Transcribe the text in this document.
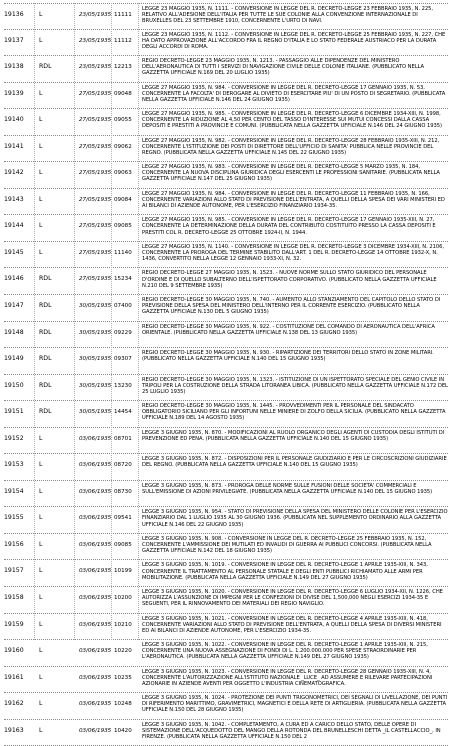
19136	L	23/05/1935 11111
LEGGE 23 MAGGIO 1935, N. 1111. - CONVERSIONE IN LEGGE DEL R. DECRETO-LEGGE 23 FEBBRAIO 1935, N. 225, RELATIVO ALL'ADESIONE DELL'ITALIA PER TUTTE LE SUE COLONIE ALLA CONVENZIONE INTERNAZIONALE DI BRUXELLES DEL 23 SETTEMBRE 1910, CONCERNENTE L'URTO DI NAVI.
19137	L	23/05/1935 11112
LEGGE 23 MAGGIO 1935, N. 1112. - CONVERSIONE IN LEGGE DEL R. DECRETO-LEGGE 25 FEBBRAIO 1935, N. 227, CHE HA DATO APPROVAZIONE ALL'ACCORDO FRA IL REGNO D'ITALIA E LO STATO FEDERALE AUSTRIACO PER LA DURATA DEGLI ACCORDI DI ROMA.
19138	RDL	23/05/1935 12213
REGIO DECRETO-LEGGE 23 MAGGIO 1935, N. 1213. - PASSAGGIO ALLE DIPENDENZE DEL MINISTERO DELL'AERONAUTICA DI TUTTI I SERVIZI DI NAVIGAZIONE CIVILE DELLE COLONIE ITALIANE. (PUBBLICATO NELLA GAZZETTA UFFICIALE N.169 DEL 20 LUGLIO 1935)
19139	L	27/05/1935 09048
LEGGE 27 MAGGIO 1935, N. 984. - CONVERSIONE IN LEGGE DEL R. DECRETO-LEGGE 17 GENNAIO 1935, N. 53, CONCERNENTE LA FACOLTA' DI DEROGARE AL DIVIETO DI ESERCITARE PIU' DI UN POSTO DI SEGRETARIO. (PUBBLICATA NELLA GAZZETTA UFFICIALE N.146 DEL 24 GIUGNO 1935)
19140	L	27/05/1935 09055
LEGGE 27 MAGGIO 1935, N. 985. - CONVERSIONE IN LEGGE DEL R. DECRETO-LEGGE 6 DICEMBRE 1934-XIII, N. 1998, CONCERNENTE LA RIDUZIONE AL 4,50 PER CENTO DEL TASSO D'INTERESSE SUI MUTUI CONCESSI DALLA CASSA DEPOSITI E PRESTITI A PROVINCIE E COMUNI. (PUBBLICATA NELLA GAZZETTA UFFICIALE N.146 DEL 24 GIUGNO 1935)
19141	L	27/05/1935 09062
LEGGE 27 MAGGIO 1935, N. 982. - CONVERSIONE IN LEGGE DEL R. DECRETO-LEGGE 28 FEBBRAIO 1935-XIII, N. 212, CONCERNENTE L'ISTITUZIONE DEI POSTI DI DIRETTORE DELL'UFFICIO DI SANITA' PUBBLICA NELLE PROVINCIE DEL REGNO. (PUBBLICATA NELLA GAZZETTA UFFICIALE N.145 DEL 22 GIUGNO 1935)
19142	L	27/05/1935 09063
LEGGE 27 MAGGIO 1935, N. 983. - CONVERSIONE IN LEGGE DEL R. DECRETO-LEGGE 5 MARZO 1935, N. 184, CONCERNENTE LA NUOVA DISCIPLINA GIURIDICA DEGLI ESERCENTI LE PROFESSIONI SANITARIE. (PUBBLICATA NELLA GAZZETTA UFFICIALE N.147 DEL 25 GIUGNO 1935)
19143	L	27/05/1935 09084
LEGGE 27 MAGGIO 1935, N. 984. - CONVERSIONE IN LEGGE DEL R. DECRETO-LEGGE 11 FEBBRAIO 1935, N. 166, CONCERNENTE VARIAZIONI ALLO STATO DI PREVISIONE DELL'ENTRATA, A QUELLI DELLA SPESA DEI VARI MINISTERI ED AI BILANCI DI AZIENDE AUTONOME, PER L'ESERCIZIO FINANZIARIO 1934-35.
19144	L	27/05/1935 09085
LEGGE 27 MAGGIO 1935, N. 985. - CONVERSIONE IN LEGGE DEL R. DECRETO-LEGGE 17 GENNAIO 1935-XIII, N. 27, CONCERNENTE LA DETERMINAZIONE DELLA DURATA DEL CONTRIBUTO COSTITUITO PRESSO LA CASSA DEPOSITI E PRESTITI COL R. DECRETO-LEGGE 25 OTTOBRE 1924-II, N. 1944.
19145	L	27/05/1935 11140
LEGGE 27 MAGGIO 1935, N. 1140. - CONVERSIONE IN LEGGE DEL R. DECRETO-LEGGE 3 DICEMBRE 1934-XIII, N. 2106, CONCERNENTE LA PROROGA DEL TERMINE STABILITO DALL'ART. 1 DEL R. DECRETO-LEGGE 14 OTTOBRE 1932-X, N. 1436, CONVERTITO NELLA LEGGE 12 GENNAIO 1933-XI, N. 32.
19146	RDL	27/05/1935 15234
REGIO DECRETO-LEGGE 27 MAGGIO 1935, N. 1523. - NUOVE NORME SULLO STATO GIURIDICO DEL PERSONALE D'ORDINE E DI QUELLO SUBALTERNO DELL'ISPETTORATO CORPORATIVO. (PUBBLICATO NELLA GAZZETTA UFFICIALE N.210 DEL 9 SETTEMBRE 1935)
19147	RDL	30/05/1935 07400
REGIO DECRETO-LEGGE 30 MAGGIO 1935, N. 740. - AUMENTO ALLO STANZIAMENTO DEL CAPITOLO DELLO STATO DI PREVISIONE DELLA SPESA DEL MINISTERO DELL'INTERNO PER IL CORRENTE ESERCIZIO. (PUBBLICATO NELLA GAZZETTA UFFICIALE N.130 DEL 5 GIUGNO 1935)
19148	RDL	30/05/1935 09229
REGIO DECRETO-LEGGE 30 MAGGIO 1935, N. 922. - COSTITUZIONE DEL COMANDO DI AERONAUTICA DELL'AFRICA ORIENTALE. (PUBBLICATO NELLA GAZZETTA UFFICIALE N.138 DEL 13 GIUGNO 1935)
19149	RDL	30/05/1935 09307
REGIO DECRETO-LEGGE 30 MAGGIO 1935, N. 930. - RIPARTIZIONE DEI TERRITORI DELLO STATO IN ZONE MILITARI. (PUBBLICATO NELLA GAZZETTA UFFICIALE N.140 DEL 15 GIUGNO 1935)
19150	RDL	30/05/1935 13230
REGIO DECRETO-LEGGE 30 MAGGIO 1935, N. 1323. - ISTITUZIONE DI UN ISPETTORATO SPECIALE DEL GENIO CIVILE IN TRIPOLI PER LA COSTRUZIONE DELLA STRADA LITORANEA LIBICA. (PUBBLICATO NELLA GAZZETTA UFFICIALE N.172 DEL 25 LUGLIO 1935)
19151	RDL	30/05/1935 14454
REGIO DECRETO-LEGGE 30 MAGGIO 1935, N. 1445. - PROVVEDIMENTI PER IL PERSONALE DEL SINDACATO OBBLIGATORIO SICILIANO PER GLI INFORTUNI NELLE MINIERE DI ZOLFO DELLA SICILIA. (PUBBLICATO NELLA GAZZETTA UFFICIALE N.189 DEL 14 AGOSTO 1935)
19152	L	03/06/1935 08701
LEGGE 3 GIUGNO 1935, N. 870. - MODIFICAZIONI AL RUOLO ORGANICO DEGLI AGENTI DI CUSTODIA DEGLI ISTITUTI DI PREVENZIONE ED PENA. (PUBBLICATA NELLA GAZZETTA UFFICIALE N.140 DEL 15 GIUGNO 1935)
19153	L	03/06/1935 08720
LEGGE 3 GIUGNO 1935, N. 872. - DISPOSIZIONI PER IL PERSONALE GIUDIZIARIO E PER LE CIRCOSCRIZIONI GIUDIZIARIE DEL REGNO. (PUBBLICATA NELLA GAZZETTA UFFICIALE N.140 DEL 15 GIUGNO 1935)
19154	L	03/06/1935 08730
LEGGE 3 GIUGNO 1935, N. 873. - PROROGA DELLE NORME SULLE FUSIONI DELLE SOCIETA' COMMERCIALI E SULL'EMISSIONE DI AZIONI PRIVILEGIATE. (PUBBLICATA NELLA GAZZETTA UFFICIALE N.140 DEL 15 GIUGNO 1935)
19155	L	03/06/1935 09541
LEGGE 3 GIUGNO 1935, N. 954. - STATO DI PREVISIONE DELLA SPESA DEL MINISTERO DELLE COLONIE PER L'ESERCIZIO FINANZIARIO DAL 1 LUGLIO 1935 AL 30 GIUGNO 1936. (PUBBLICATA NEL SUPPLEMENTO ORDINARIO ALLA GAZZETTA UFFICIALE N.146 DEL 22 GIUGNO 1935)
19156	L	03/06/1935 09085
LEGGE 3 GIUGNO 1935, N. 908. - CONVERSIONE IN LEGGE DEL R. DECRETO-LEGGE 25 FEBBRAIO 1935, N. 152, CONCERNENTE L'AMMISSIONE DEI MUTILATI ED INVALIDI DI GUERRA AI PUBBLICI CONCORSI. (PUBBLICATA NELLA GAZZETTA UFFICIALE N.142 DEL 18 GIUGNO 1935)
19157	L	03/06/1935 10199
LEGGE 3 GIUGNO 1935, N. 1019. - CONVERSIONE IN LEGGE DEL R. DECRETO-LEGGE 1 APRILE 1935-XIII, N. 343, CONCERNENTE IL TRATTAMENTO AL PERSONALE STATALE E DEGLI ENTI PUBBLICI RICHIAMATO ALLE ARMI PER MOBILITAZIONE. (PUBBLICATA NELLA GAZZETTA UFFICIALE N.149 DEL 27 GIUGNO 1935)
19158	L	03/06/1935 10200
LEGGE 3 GIUGNO 1935, N. 1020. - CONVERSIONE IN LEGGE DEL R. DECRETO-LEGGE 6 LUGLIO 1934-XII, N. 1226, CHE AUTORIZZA L'ASSUNZIONE DI IMPEGNI PER LE CONFEZIONI DI DIVISE DEL 1,500,000 NEGLI ESERCIZI 1934-35 E SEGUENTI, PER IL RINNOVAMENTO DEI MATERIALI DEI REGIO NAVIGLIO.
19159	L	03/06/1935 10210
LEGGE 3 GIUGNO 1935, N. 1021. - CONVERSIONE IN LEGGE DEL R. DECRETO-LEGGE 4 APRILE 1935-XIII, N. 418, CONCERNENTE VARIAZIONI ALLO STATO DI PREVISIONE DELL'ENTRATA, A QUELLI DELLA SPESA DI DIVERSI MINISTERI ED AI BILANCI DI AZIENDE AUTONOME, PER L'ESERCIZIO 1934-35.
19160	L	03/06/1935 10220
LEGGE 3 GIUGNO 1935, N. 1022. - CONVERSIONE IN LEGGE DEL R. DECRETO-LEGGE 1 APRILE 1935-XIII, N. 215, CONCERNENTE UNA NUOVA ASSEGNAZIONE DI FONDI DI L. 1.200.000.000 PER SPESE STRAORDINARIE PER L'AERONAUTICA. (PUBBLICATA NELLA GAZZETTA UFFICIALE N.149 DEL 27 GIUGNO 1935)
19161	L	03/06/1935 10235
LEGGE 3 GIUGNO 1935, N. 1023. - CONVERSIONE IN LEGGE DEL R. DECRETO-LEGGE 28 GENNAIO 1935-XIII, N. 4, CONCERNENTE L'AUTORIZZAZIONE ALL'ISTITUTO NAZIONALE _LUCE_ AD ASSUMERE E RILEVARE PARTECIPAZIONI AZIONARIE IN AZIENDE AVENTI PER OGGETTO L'INDUSTRIA CINEMATOGRAFICA.
19162	L	03/06/1935 10248
LEGGE 3 GIUGNO 1935, N. 1024. - PROTEZIONE DEI PUNTI TRIGONOMETRICI, DEI SEGNALI DI LIVELLAZIONE, DEI PUNTI DI RIFERIMENTO MARITTIMO, GRAVIMETRICI, MAGNETICI E DELLA RETE DI ARTIGLIERIA. (PUBBLICATA NELLA GAZZETTA UFFICIALE N.150 DEL 28 GIUGNO 1935)
19163	L	03/06/1935 10420
LEGGE 3 GIUGNO 1935, N. 1042. - COMPLETAMENTO, A CURA ED A CARICO DELLO STATO, DELLE OPERE DI SISTEMAZIONE DELL'ACQUEDOTTO DEL MANGO DELLA ROTONDA DEL BRUNELLESCHI DETTA _IL CASTELLACCIO_, IN FIRENZE. (PUBBLICATA NELLA GAZZETTA UFFICIALE N.150 DEL 2
